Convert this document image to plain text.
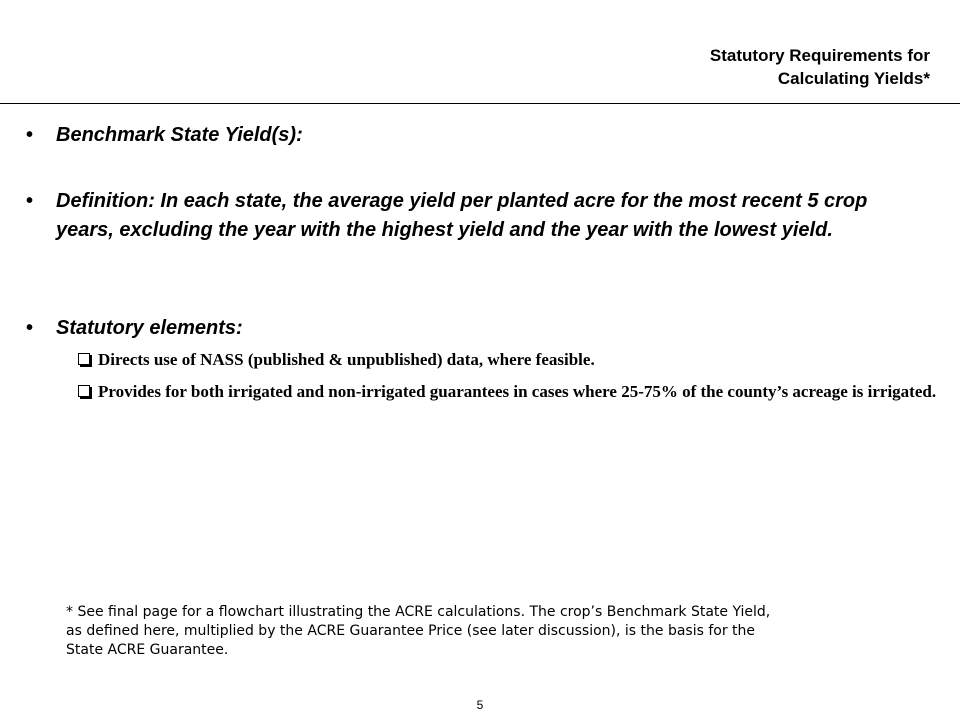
Statutory Requirements for
Calculating Yields*
• Benchmark State Yield(s):
• Definition: In each state, the average yield per planted acre for the most recent 5 crop years, excluding the year with the highest yield and the year with the lowest yield.
• Statutory elements:
Directs use of NASS (published & unpublished) data, where feasible.
Provides for both irrigated and non-irrigated guarantees in cases where 25-75% of the county’s acreage is irrigated.
* See final page for a flowchart illustrating the ACRE calculations. The crop’s Benchmark State Yield, as defined here, multiplied by the ACRE Guarantee Price (see later discussion), is the basis for the State ACRE Guarantee.
5
